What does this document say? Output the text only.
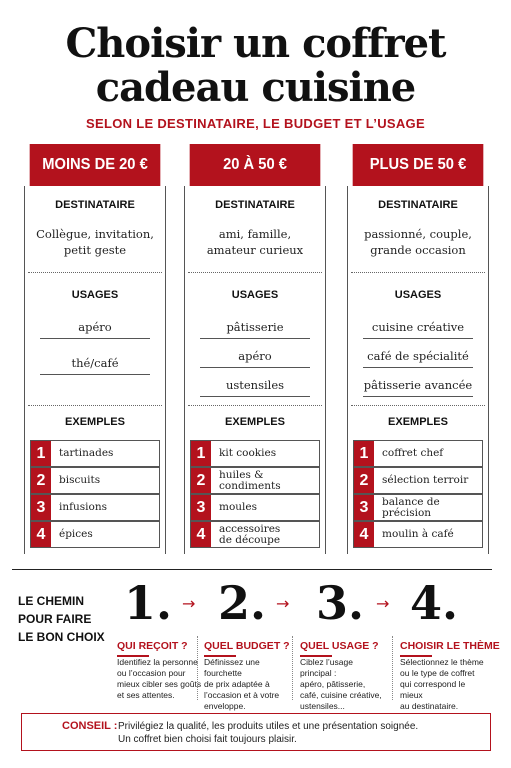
Choisir un coffret
cadeau cuisine
SELON LE DESTINATAIRE, LE BUDGET ET L’USAGE
MOINS DE 20 €
DESTINATAIRE
Collègue, invitation,
petit geste
USAGES
apéro
thé/café
EXEMPLES
1	tartinades
2	biscuits
3	infusions
4	épices
20 À 50 €
DESTINATAIRE
ami, famille,
amateur curieux
USAGES
pâtisserie
apéro
ustensiles
EXEMPLES
1	kit cookies
2	huiles & condiments
3	moules
4	accessoires
de découpe
PLUS DE 50 €
DESTINATAIRE
passionné, couple,
grande occasion
USAGES
cuisine créative
café de spécialité
pâtisserie avancée
EXEMPLES
1	coffret chef
2	sélection terroir
3	balance de précision
4	moulin à café
LE CHEMIN
POUR FAIRE
LE BON CHOIX
1.
QUI REÇOIT ?
Identifiez la personne
ou l’occasion pour
mieux cibler ses goûts
et ses attentes.
2.
QUEL BUDGET ?
Définissez une fourchette
de prix adaptée à
l’occasion et à votre
enveloppe.
3.
QUEL USAGE ?
Ciblez l’usage principal :
apéro, pâtisserie,
café, cuisine créative,
ustensiles...
4.
CHOISIR LE THÈME
Sélectionnez le thème
ou le type de coffret
qui correspond le mieux
au destinataire.
→	→	→
CONSEIL : Privilégiez la qualité, les produits utiles et une présentation soignée.
Un coffret bien choisi fait toujours plaisir.
